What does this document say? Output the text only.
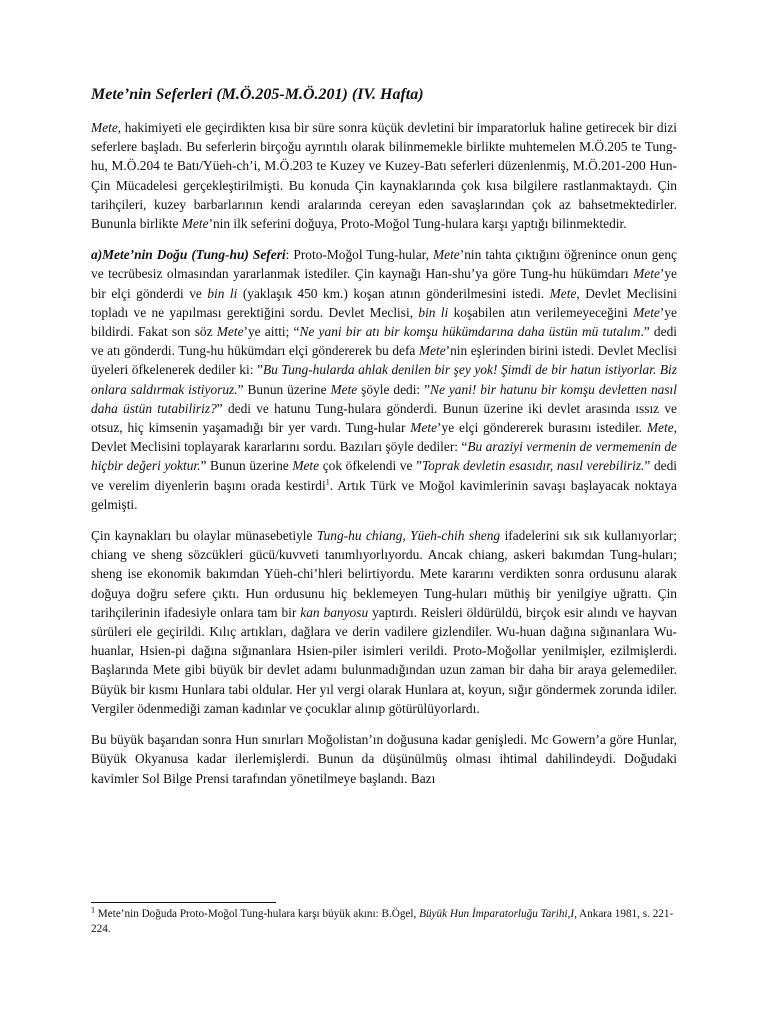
Mete’nin Seferleri (M.Ö.205-M.Ö.201) (IV. Hafta)

Mete, hakimiyeti ele geçirdikten kısa bir süre sonra küçük devletini bir imparatorluk haline getirecek bir dizi seferlere başladı. Bu seferlerin birçoğu ayrıntılı olarak bilinmemekle birlikte muhtemelen M.Ö.205 te Tung-hu, M.Ö.204 te Batı/Yüeh-ch’i, M.Ö.203 te Kuzey ve Kuzey-Batı seferleri düzenlenmiş, M.Ö.201-200 Hun-Çin Mücadelesi gerçekleştirilmişti. Bu konuda Çin kaynaklarında çok kısa bilgilere rastlanmaktaydı. Çin tarihçileri, kuzey barbarlarının kendi aralarında cereyan eden savaşlarından çok az bahsetmektedirler. Bununla birlikte Mete’nin ilk seferini doğuya, Proto-Moğol Tung-hulara karşı yaptığı bilinmektedir.

a)Mete’nin Doğu (Tung-hu) Seferi: Proto-Moğol Tung-hular, Mete’nin tahta çıktığını öğrenince onun genç ve tecrübesiz olmasından yararlanmak istediler. Çin kaynağı Han-shu’ya göre Tung-hu hükümdarı Mete’ye bir elçi gönderdi ve bin li (yaklaşık 450 km.) koşan atının gönderilmesini istedi. Mete, Devlet Meclisini topladı ve ne yapılması gerektiğini sordu. Devlet Meclisi, bin li koşabilen atın verilemeyeceğini Mete’ye bildirdi. Fakat son söz Mete’ye aitti; “Ne yani bir atı bir komşu hükümdarına daha üstün mü tutalım.” dedi ve atı gönderdi. Tung-hu hükümdarı elçi göndererek bu defa Mete’nin eşlerinden birini istedi. Devlet Meclisi üyeleri öfkelenerek dediler ki: ”Bu Tung-hularda ahlak denilen bir şey yok! Şimdi de bir hatun istiyorlar. Biz onlara saldırmak istiyoruz.” Bunun üzerine Mete şöyle dedi: ”Ne yani! bir hatunu bir komşu devletten nasıl daha üstün tutabiliriz?” dedi ve hatunu Tung-hulara gönderdi. Bunun üzerine iki devlet arasında ıssız ve otsuz, hiç kimsenin yaşamadığı bir yer vardı. Tung-hular Mete’ye elçi göndererek burasını istediler. Mete, Devlet Meclisini toplayarak kararlarını sordu. Bazıları şöyle dediler: “Bu araziyi vermenin de vermemenin de hiçbir değeri yoktur.” Bunun üzerine Mete çok öfkelendi ve ”Toprak devletin esasıdır, nasıl verebiliriz.” dedi ve verelim diyenlerin başını orada kestirdi$^1$. Artık Türk ve Moğol kavimlerinin savaşı başlayacak noktaya gelmişti.

Çin kaynakları bu olaylar münasebetiyle Tung-hu chiang, Yüeh-chih sheng ifadelerini sık sık kullanıyorlar; chiang ve sheng sözcükleri gücü/kuvveti tanımlıyorlıyordu. Ancak chiang, askeri bakımdan Tung-huları; sheng ise ekonomik bakımdan Yüeh-chi’hleri belirtiyordu. Mete kararını verdikten sonra ordusunu alarak doğuya doğru sefere çıktı. Hun ordusunu hiç beklemeyen Tung-huları müthiş bir yenilgiye uğrattı. Çin tarihçilerinin ifadesiyle onlara tam bir kan banyosu yaptırdı. Reisleri öldürüldü, birçok esir alındı ve hayvan sürüleri ele geçirildi. Kılıç artıkları, dağlara ve derin vadilere gizlendiler. Wu-huan dağına sığınanlara Wu-huanlar, Hsien-pi dağına sığınanlara Hsien-piler isimleri verildi. Proto-Moğollar yenilmişler, ezilmişlerdi. Başlarında Mete gibi büyük bir devlet adamı bulunmadığından uzun zaman bir daha bir araya gelemediler. Büyük bir kısmı Hunlara tabi oldular. Her yıl vergi olarak Hunlara at, koyun, sığır göndermek zorunda idiler. Vergiler ödenmediği zaman kadınlar ve çocuklar alınıp götürülüyorlardı.

Bu büyük başarıdan sonra Hun sınırları Moğolistan’ın doğusuna kadar genişledi. Mc Gowern’a göre Hunlar, Büyük Okyanusa kadar ilerlemişlerdi. Bunun da düşünülmüş olması ihtimal dahilindeydi. Doğudaki kavimler Sol Bilge Prensi tarafından yönetilmeye başlandı. Bazı

$^1$ Mete’nin Doğuda Proto-Moğol Tung-hulara karşı büyük akını: B.Ögel, Büyük Hun İmparatorluğu Tarihi,I, Ankara 1981, s. 221-224.
